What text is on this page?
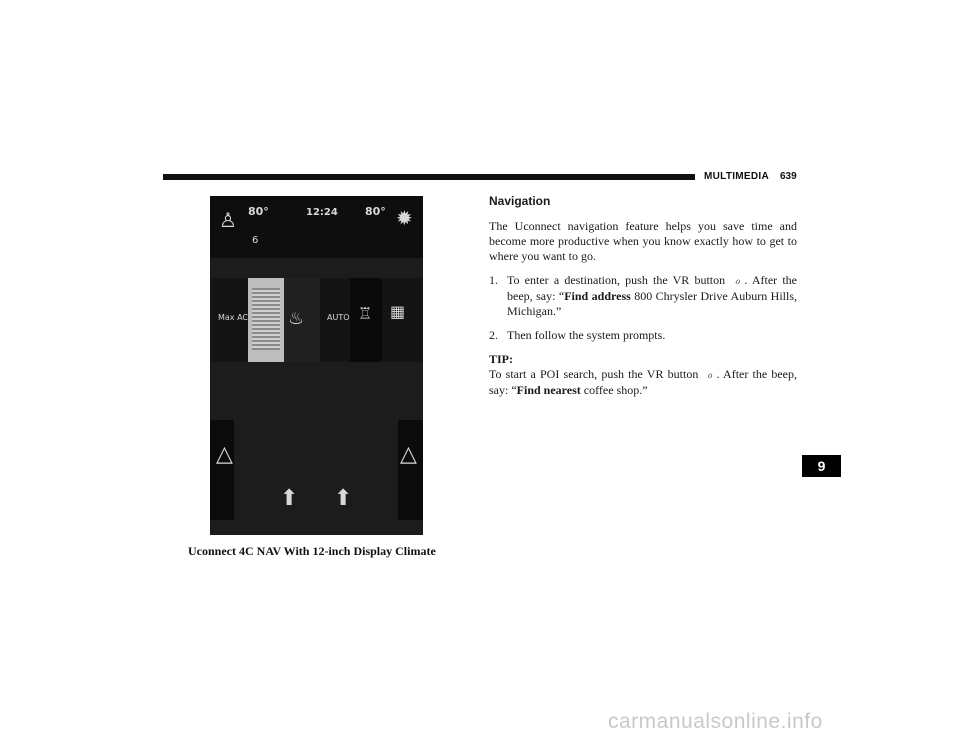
MULTIMEDIA 639
♙ 80°
6
12:24 80° ✹
Max AC ♨	AUTO ♖ ▦
△	△
⬆ ⬆
Uconnect 4C NAV With 12-inch Display Climate
Navigation
The Uconnect navigation feature helps you save time and become more productive when you know exactly how to get to where you want to go.
1. To enter a destination, push the VR button ℴ . After the beep, say: “Find address 800 Chrysler Drive Auburn Hills, Michigan.”
2. Then follow the system prompts.
TIP:
To start a POI search, push the VR button ℴ . After the beep, say: “Find nearest coffee shop.”
9
carmanualsonline.info
